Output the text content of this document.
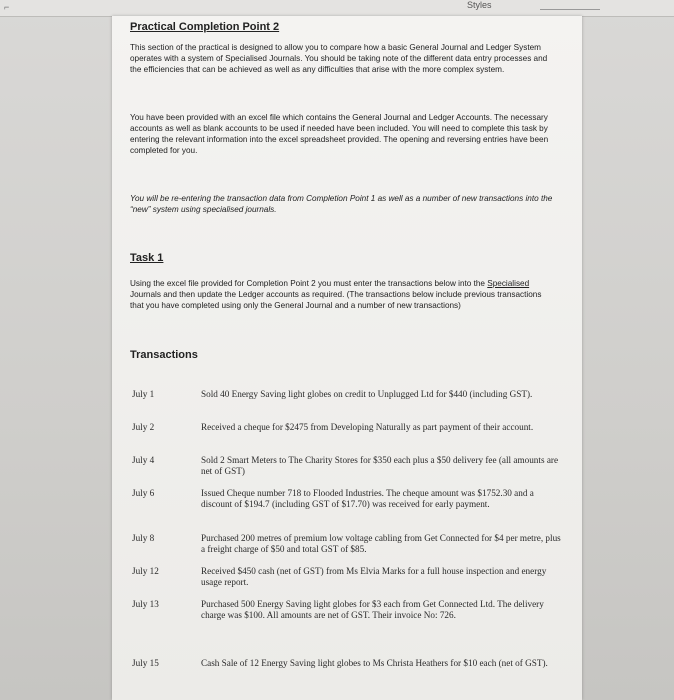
⌐	Styles
Practical Completion Point 2

This section of the practical is designed to allow you to compare how a basic General Journal and Ledger System operates with a system of Specialised Journals. You should be taking note of the different data entry processes and the efficiencies that can be achieved as well as any difficulties that arise with the more complex system.

You have been provided with an excel file which contains the General Journal and Ledger Accounts. The necessary accounts as well as blank accounts to be used if needed have been included. You will need to complete this task by entering the relevant information into the excel spreadsheet provided. The opening and reversing entries have been completed for you.

You will be re-entering the transaction data from Completion Point 1 as well as a number of new transactions into the “new” system using specialised journals.

Task 1

Using the excel file provided for Completion Point 2 you must enter the transactions below into the Specialised Journals and then update the Ledger accounts as required. (The transactions below include previous transactions that you have completed using only the General Journal and a number of new transactions)

Transactions
July 1	Sold 40 Energy Saving light globes on credit to Unplugged Ltd for $440 (including GST).
July 2	Received a cheque for $2475 from Developing Naturally as part payment of their account.
July 4	Sold 2 Smart Meters to The Charity Stores for $350 each plus a $50 delivery fee (all amounts are net of GST)
July 6	Issued Cheque number 718 to Flooded Industries. The cheque amount was $1752.30 and a discount of $194.7 (including GST of $17.70) was received for early payment.
July 8	Purchased 200 metres of premium low voltage cabling from Get Connected for $4 per metre, plus a freight charge of $50 and total GST of $85.
July 12	Received $450 cash (net of GST) from Ms Elvia Marks for a full house inspection and energy usage report.
July 13	Purchased 500 Energy Saving light globes for $3 each from Get Connected Ltd. The delivery charge was $100. All amounts are net of GST. Their invoice No: 726.
July 15	Cash Sale of 12 Energy Saving light globes to Ms Christa Heathers for $10 each (net of GST).
